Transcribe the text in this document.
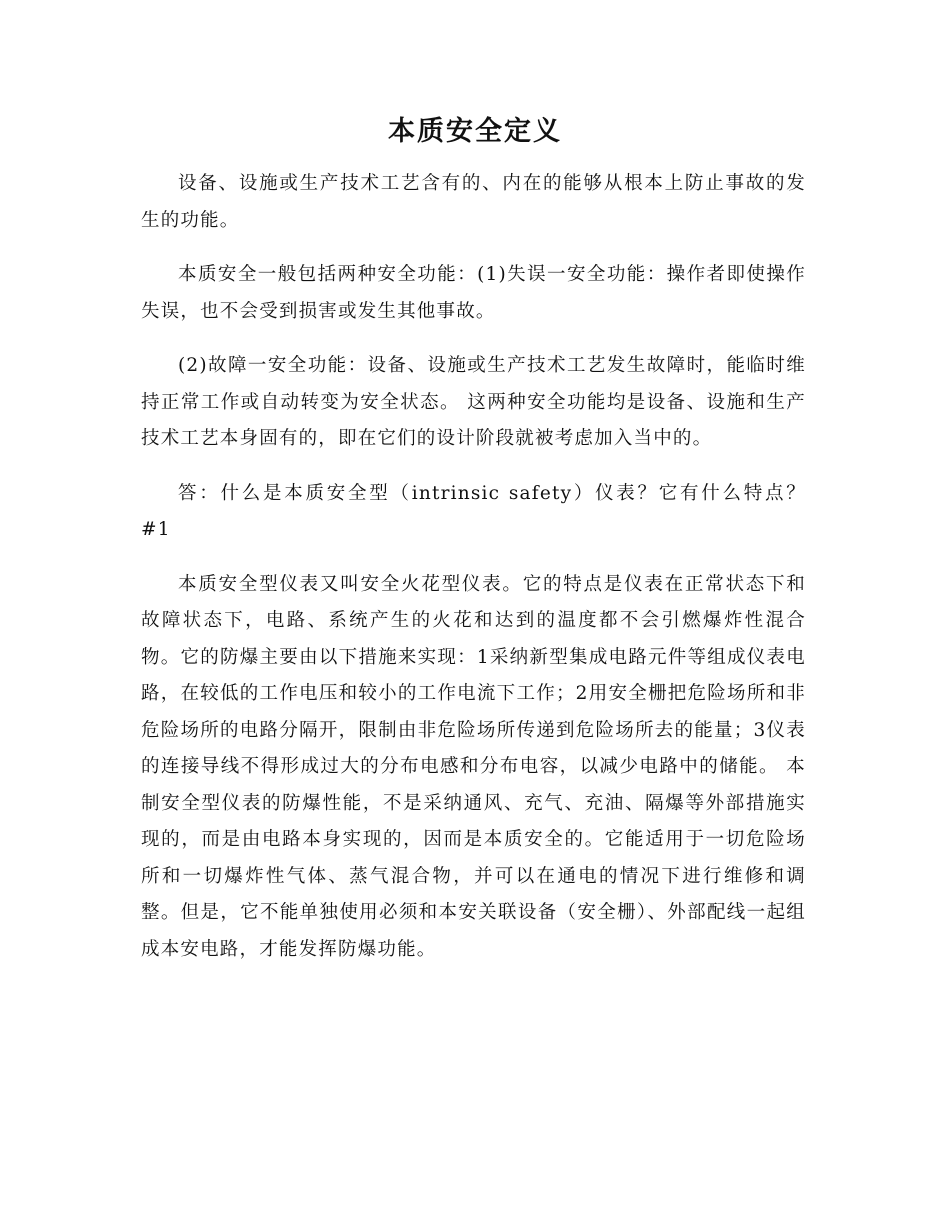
本质安全定义

设备、设施或生产技术工艺含有的、内在的能够从根本上防止事故的发生的功能。

本质安全一般包括两种安全功能：(1)失误一安全功能：操作者即使操作失误，也不会受到损害或发生其他事故。

(2)故障一安全功能：设备、设施或生产技术工艺发生故障时，能临时维持正常工作或自动转变为安全状态。 这两种安全功能均是设备、设施和生产技术工艺本身固有的，即在它们的设计阶段就被考虑加入当中的。

答：什么是本质安全型（intrinsic safety）仪表？它有什么特点？ #1

本质安全型仪表又叫安全火花型仪表。它的特点是仪表在正常状态下和故障状态下，电路、系统产生的火花和达到的温度都不会引燃爆炸性混合物。它的防爆主要由以下措施来实现：1采纳新型集成电路元件等组成仪表电路，在较低的工作电压和较小的工作电流下工作；2用安全栅把危险场所和非危险场所的电路分隔开，限制由非危险场所传递到危险场所去的能量；3仪表的连接导线不得形成过大的分布电感和分布电容，以减少电路中的储能。 本制安全型仪表的防爆性能，不是采纳通风、充气、充油、隔爆等外部措施实现的，而是由电路本身实现的，因而是本质安全的。它能适用于一切危险场所和一切爆炸性气体、蒸气混合物，并可以在通电的情况下进行维修和调整。但是，它不能单独使用必须和本安关联设备（安全栅）、外部配线一起组成本安电路，才能发挥防爆功能。
